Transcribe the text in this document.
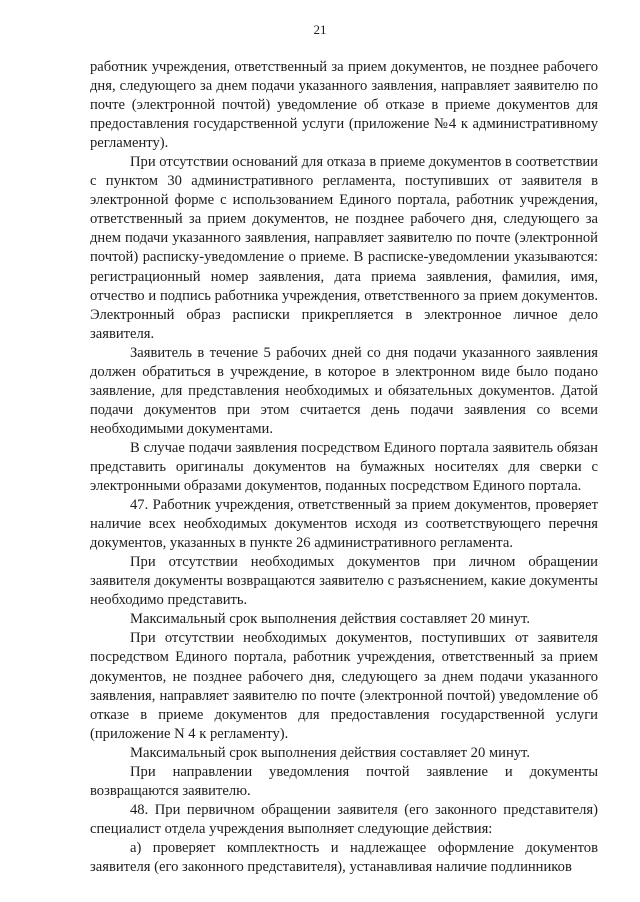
21

работник учреждения, ответственный за прием документов, не позднее рабочего дня, следующего за днем подачи указанного заявления, направляет заявителю по почте (электронной почтой) уведомление об отказе в приеме документов для предоставления государственной услуги (приложение №4 к административному регламенту).

При отсутствии оснований для отказа в приеме документов в соответствии с пунктом 30 административного регламента, поступивших от заявителя в электронной форме с использованием Единого портала, работник учреждения, ответственный за прием документов, не позднее рабочего дня, следующего за днем подачи указанного заявления, направляет заявителю по почте (электронной почтой) расписку-уведомление о приеме. В расписке-уведомлении указываются: регистрационный номер заявления, дата приема заявления, фамилия, имя, отчество и подпись работника учреждения, ответственного за прием документов. Электронный образ расписки прикрепляется в электронное личное дело заявителя.

Заявитель в течение 5 рабочих дней со дня подачи указанного заявления должен обратиться в учреждение, в которое в электронном виде было подано заявление, для представления необходимых и обязательных документов. Датой подачи документов при этом считается день подачи заявления со всеми необходимыми документами.

В случае подачи заявления посредством Единого портала заявитель обязан представить оригиналы документов на бумажных носителях для сверки с электронными образами документов, поданных посредством Единого портала.

47. Работник учреждения, ответственный за прием документов, проверяет наличие всех необходимых документов исходя из соответствующего перечня документов, указанных в пункте 26 административного регламента.

При отсутствии необходимых документов при личном обращении заявителя документы возвращаются заявителю с разъяснением, какие документы необходимо представить.

Максимальный срок выполнения действия составляет 20 минут.

При отсутствии необходимых документов, поступивших от заявителя посредством Единого портала, работник учреждения, ответственный за прием документов, не позднее рабочего дня, следующего за днем подачи указанного заявления, направляет заявителю по почте (электронной почтой) уведомление об отказе в приеме документов для предоставления государственной услуги (приложение N 4 к регламенту).

Максимальный срок выполнения действия составляет 20 минут.

При направлении уведомления почтой заявление и документы возвращаются заявителю.

48. При первичном обращении заявителя (его законного представителя) специалист отдела учреждения выполняет следующие действия:

а) проверяет комплектность и надлежащее оформление документов заявителя (его законного представителя), устанавливая наличие подлинников
